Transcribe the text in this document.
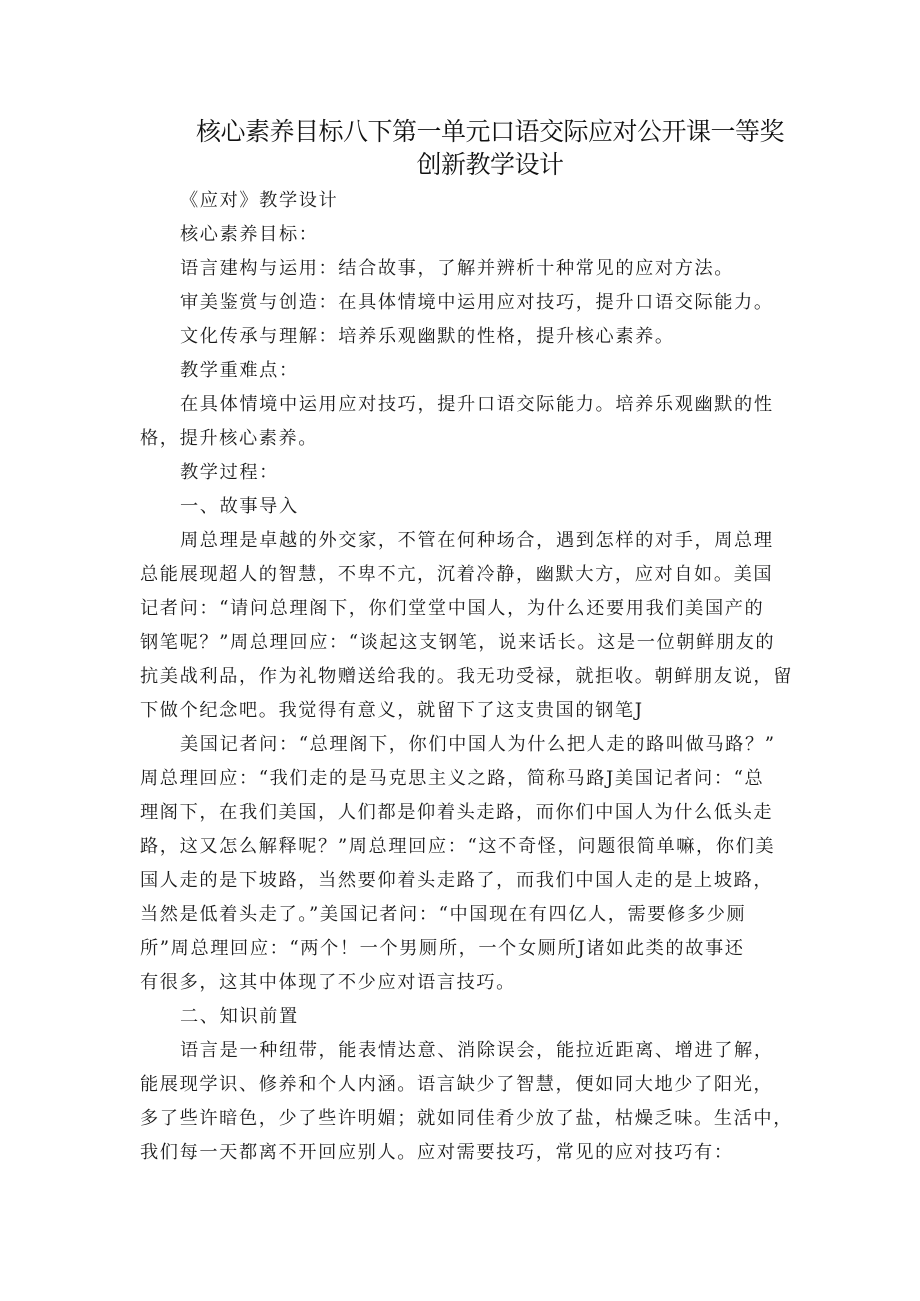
核心素养目标八下第一单元口语交际应对公开课一等奖
创新教学设计
《应对》教学设计
核心素养目标：
语言建构与运用：结合故事，了解并辨析十种常见的应对方法。
审美鉴赏与创造：在具体情境中运用应对技巧，提升口语交际能力。
文化传承与理解：培养乐观幽默的性格，提升核心素养。
教学重难点：
在具体情境中运用应对技巧，提升口语交际能力。培养乐观幽默的性
格，提升核心素养。
教学过程：
一、故事导入
周总理是卓越的外交家，不管在何种场合，遇到怎样的对手，周总理
总能展现超人的智慧，不卑不亢，沉着冷静，幽默大方，应对自如。美国
记者问：“请问总理阁下，你们堂堂中国人，为什么还要用我们美国产的
钢笔呢？”周总理回应：“谈起这支钢笔，说来话长。这是一位朝鲜朋友的
抗美战利品，作为礼物赠送给我的。我无功受禄，就拒收。朝鲜朋友说，留
下做个纪念吧。我觉得有意义，就留下了这支贵国的钢笔J
美国记者问：“总理阁下，你们中国人为什么把人走的路叫做马路？”
周总理回应：“我们走的是马克思主义之路，简称马路J美国记者问：“总
理阁下，在我们美国，人们都是仰着头走路，而你们中国人为什么低头走
路，这又怎么解释呢？”周总理回应：“这不奇怪，问题很简单嘛，你们美
国人走的是下坡路，当然要仰着头走路了，而我们中国人走的是上坡路，
当然是低着头走了。”美国记者问：“中国现在有四亿人，需要修多少厕
所”周总理回应：“两个！一个男厕所，一个女厕所J诸如此类的故事还
有很多，这其中体现了不少应对语言技巧。
二、知识前置
语言是一种纽带，能表情达意、消除误会，能拉近距离、增进了解，
能展现学识、修养和个人内涵。语言缺少了智慧，便如同大地少了阳光，
多了些许暗色，少了些许明媚；就如同佳肴少放了盐，枯燥乏味。生活中，
我们每一天都离不开回应别人。应对需要技巧，常见的应对技巧有：
